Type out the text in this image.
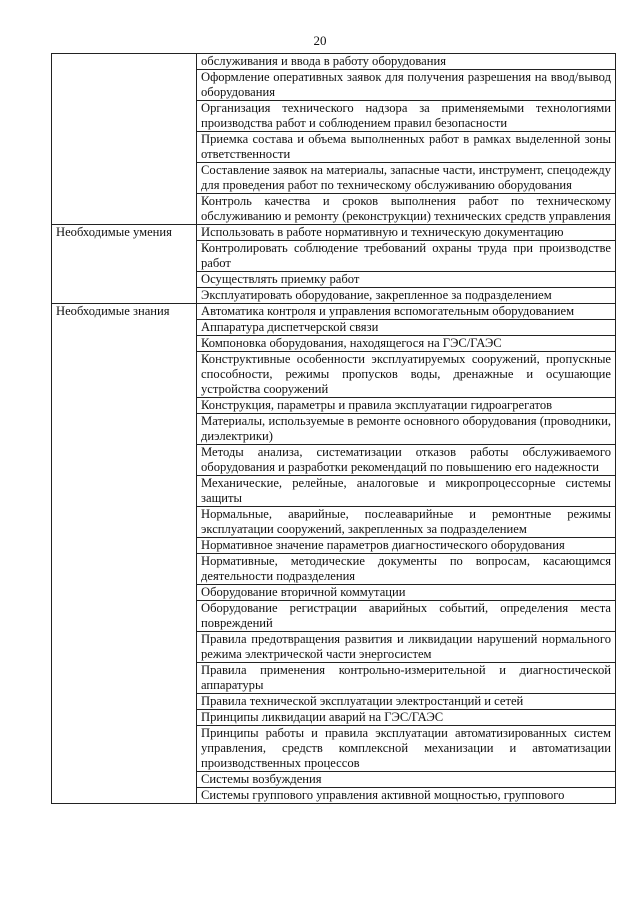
20
	обслуживания и ввода в работу оборудования
	Оформление оперативных заявок для получения разрешения на ввод/вывод оборудования
	Организация технического надзора за применяемыми технологиями производства работ и соблюдением правил безопасности
	Приемка состава и объема выполненных работ в рамках выделенной зоны ответственности
	Составление заявок на материалы, запасные части, инструмент, спецодежду для проведения работ по техническому обслуживанию оборудования
	Контроль качества и сроков выполнения работ по техническому обслуживанию и ремонту (реконструкции) технических средств управления
Необходимые умения	Использовать в работе нормативную и техническую документацию
	Контролировать соблюдение требований охраны труда при производстве работ
	Осуществлять приемку работ
	Эксплуатировать оборудование, закрепленное за подразделением
Необходимые знания	Автоматика контроля и управления вспомогательным оборудованием
	Аппаратура диспетчерской связи
	Компоновка оборудования, находящегося на ГЭС/ГАЭС
	Конструктивные особенности эксплуатируемых сооружений, пропускные способности, режимы пропусков воды, дренажные и осушающие устройства сооружений
	Конструкция, параметры и правила эксплуатации гидроагрегатов
	Материалы, используемые в ремонте основного оборудования (проводники, диэлектрики)
	Методы анализа, систематизации отказов работы обслуживаемого оборудования и разработки рекомендаций по повышению его надежности
	Механические, релейные, аналоговые и микропроцессорные системы защиты
	Нормальные, аварийные, послеаварийные и ремонтные режимы эксплуатации сооружений, закрепленных за подразделением
	Нормативное значение параметров диагностического оборудования
	Нормативные, методические документы по вопросам, касающимся деятельности подразделения
	Оборудование вторичной коммутации
	Оборудование регистрации аварийных событий, определения места повреждений
	Правила предотвращения развития и ликвидации нарушений нормального режима электрической части энергосистем
	Правила применения контрольно-измерительной и диагностической аппаратуры
	Правила технической эксплуатации электростанций и сетей
	Принципы ликвидации аварий на ГЭС/ГАЭС
	Принципы работы и правила эксплуатации автоматизированных систем управления, средств комплексной механизации и автоматизации производственных процессов
	Системы возбуждения
	Системы группового управления активной мощностью, группового
